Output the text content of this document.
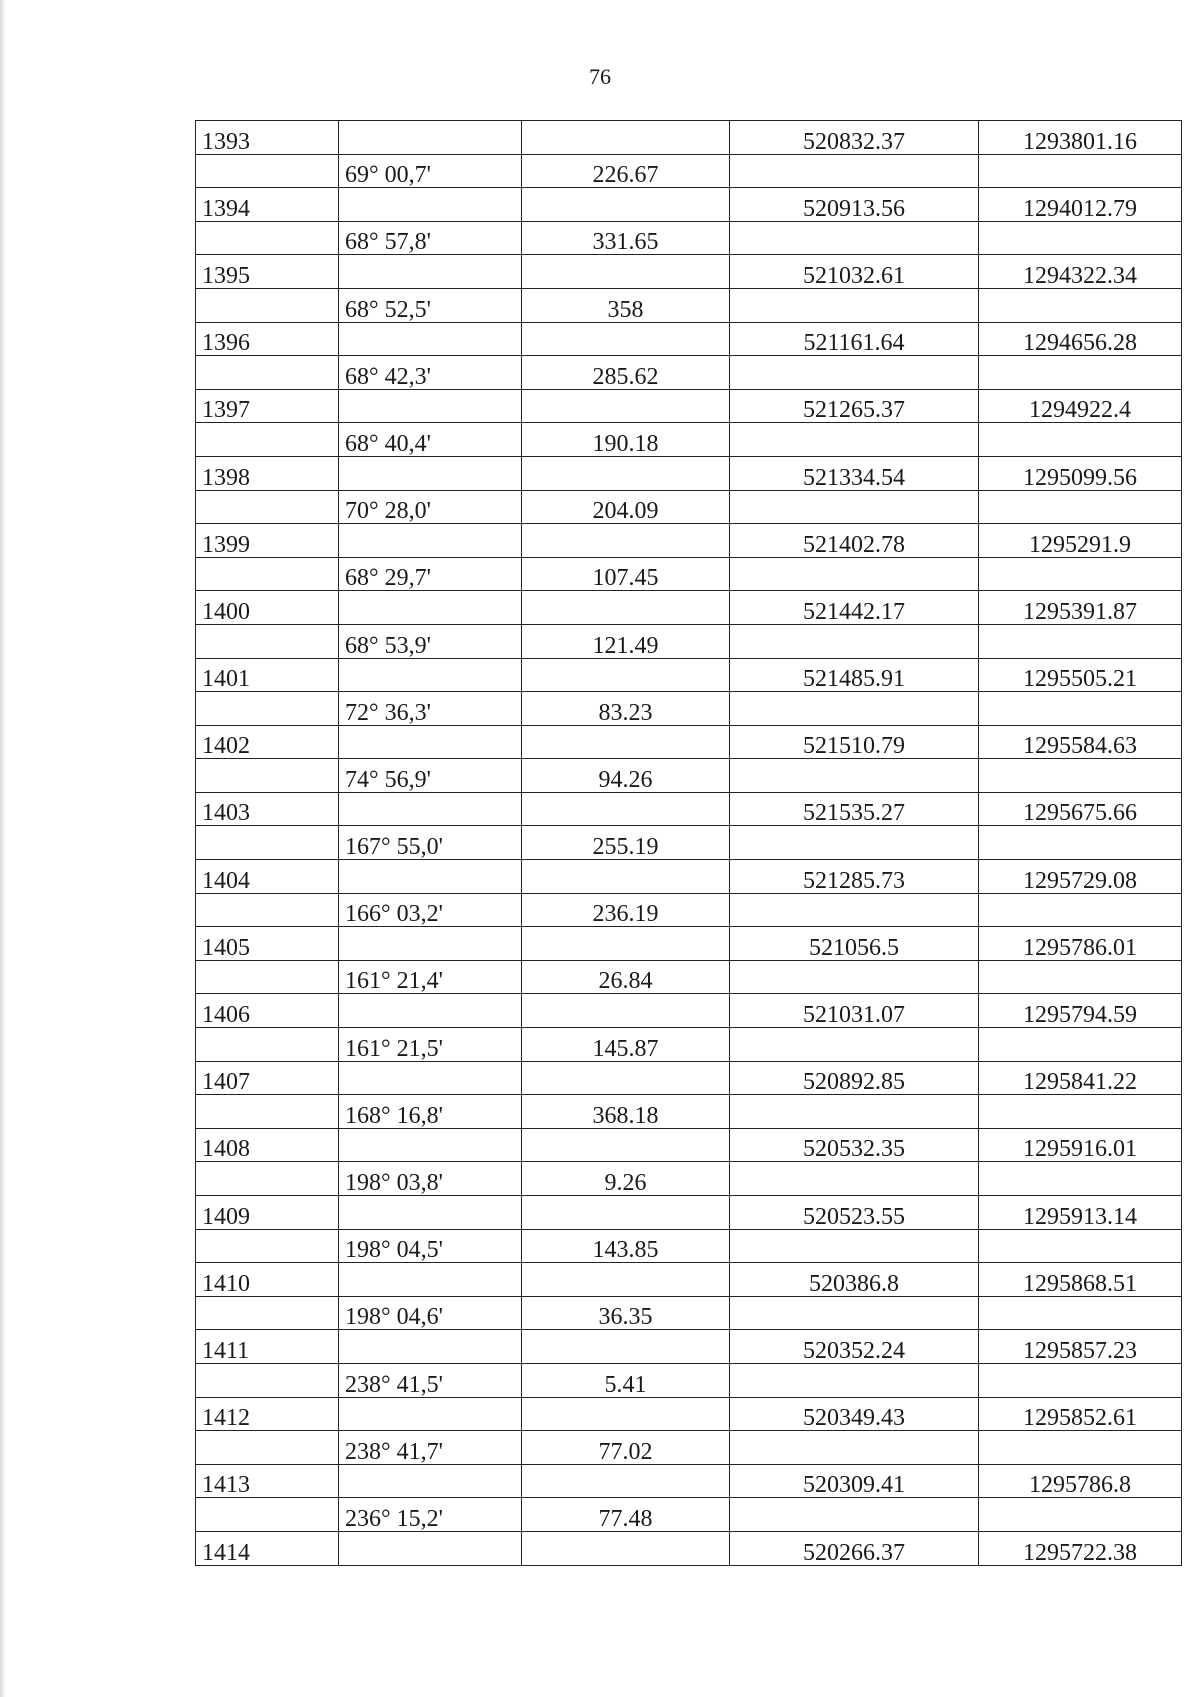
76
1393			520832.37	1293801.16
	69° 00,7'	226.67		
1394			520913.56	1294012.79
	68° 57,8'	331.65		
1395			521032.61	1294322.34
	68° 52,5'	358		
1396			521161.64	1294656.28
	68° 42,3'	285.62		
1397			521265.37	1294922.4
	68° 40,4'	190.18		
1398			521334.54	1295099.56
	70° 28,0'	204.09		
1399			521402.78	1295291.9
	68° 29,7'	107.45		
1400			521442.17	1295391.87
	68° 53,9'	121.49		
1401			521485.91	1295505.21
	72° 36,3'	83.23		
1402			521510.79	1295584.63
	74° 56,9'	94.26		
1403			521535.27	1295675.66
	167° 55,0'	255.19		
1404			521285.73	1295729.08
	166° 03,2'	236.19		
1405			521056.5	1295786.01
	161° 21,4'	26.84		
1406			521031.07	1295794.59
	161° 21,5'	145.87		
1407			520892.85	1295841.22
	168° 16,8'	368.18		
1408			520532.35	1295916.01
	198° 03,8'	9.26		
1409			520523.55	1295913.14
	198° 04,5'	143.85		
1410			520386.8	1295868.51
	198° 04,6'	36.35		
1411			520352.24	1295857.23
	238° 41,5'	5.41		
1412			520349.43	1295852.61
	238° 41,7'	77.02		
1413			520309.41	1295786.8
	236° 15,2'	77.48		
1414			520266.37	1295722.38
